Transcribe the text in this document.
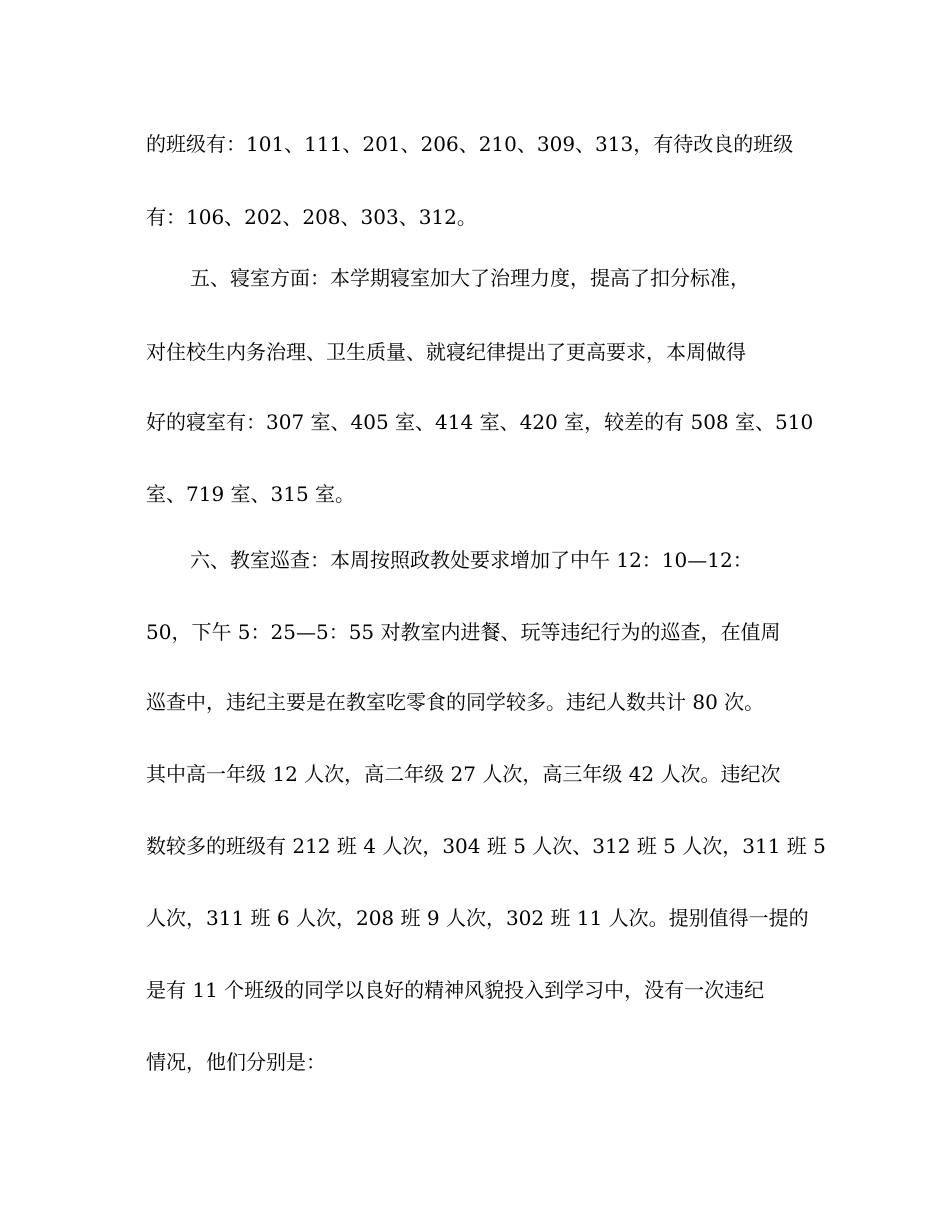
的班级有：101、111、201、206、210、309、313，有待改良的班级
有：106、202、208、303、312。
五、寝室方面：本学期寝室加大了治理力度，提高了扣分标准，
对住校生内务治理、卫生质量、就寝纪律提出了更高要求，本周做得
好的寝室有：307 室、405 室、414 室、420 室，较差的有 508 室、510
室、719 室、315 室。
六、教室巡查：本周按照政教处要求增加了中午 12：10—12：
50，下午 5：25—5：55 对教室内进餐、玩等违纪行为的巡查，在值周
巡查中，违纪主要是在教室吃零食的同学较多。违纪人数共计 80 次。
其中高一年级 12 人次，高二年级 27 人次，高三年级 42 人次。违纪次
数较多的班级有 212 班 4 人次，304 班 5 人次、312 班 5 人次，311 班 5
人次，311 班 6 人次，208 班 9 人次，302 班 11 人次。提别值得一提的
是有 11 个班级的同学以良好的精神风貌投入到学习中，没有一次违纪
情况，他们分别是：
